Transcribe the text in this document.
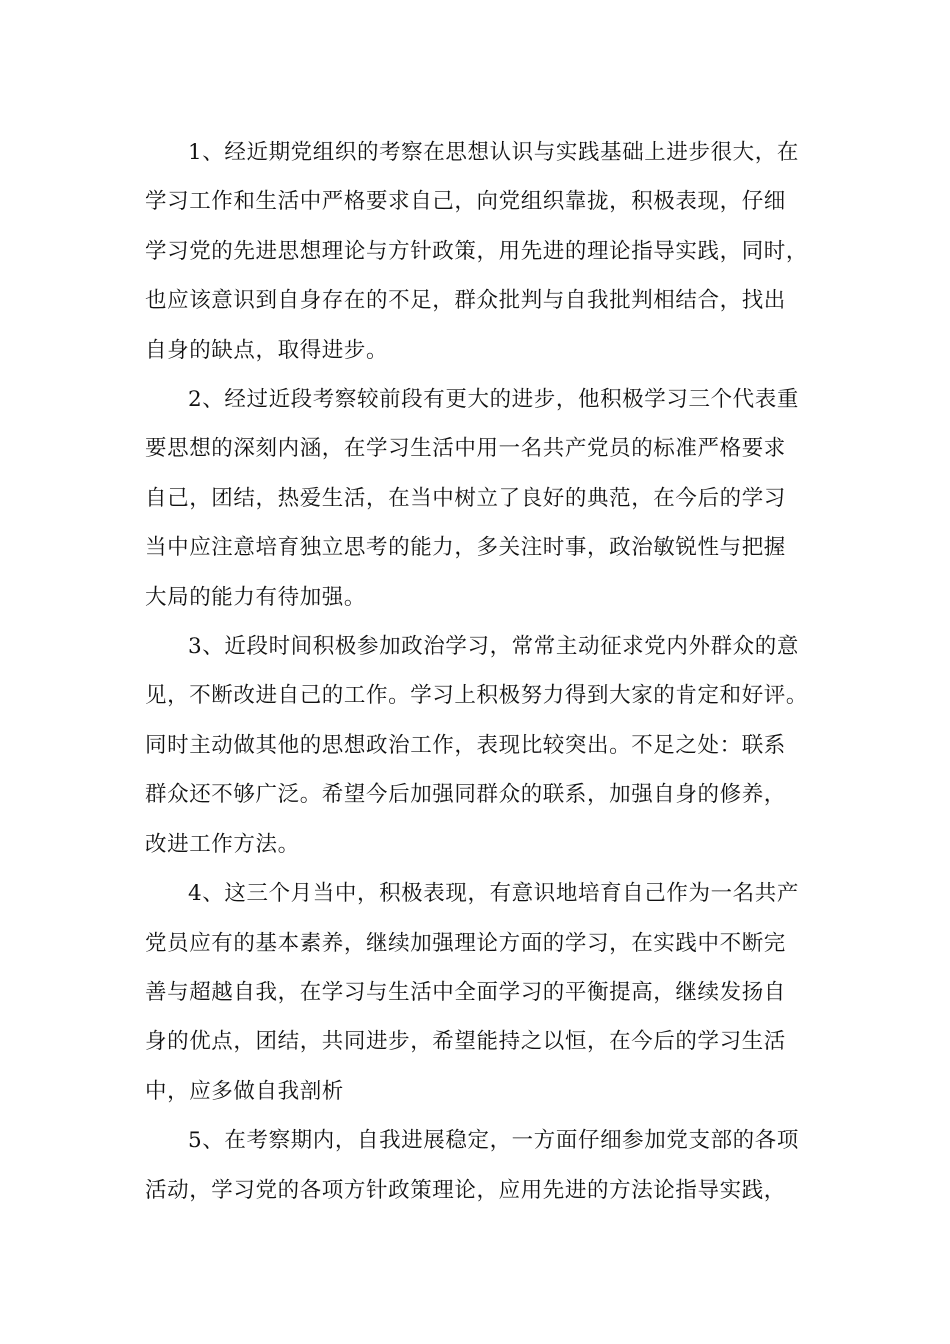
1、经近期党组织的考察在思想认识与实践基础上进步很大，在
学习工作和生活中严格要求自己，向党组织靠拢，积极表现，仔细
学习党的先进思想理论与方针政策，用先进的理论指导实践，同时，
也应该意识到自身存在的不足，群众批判与自我批判相结合，找出
自身的缺点，取得进步。

2、经过近段考察较前段有更大的进步，他积极学习三个代表重
要思想的深刻内涵，在学习生活中用一名共产党员的标准严格要求
自己，团结，热爱生活，在当中树立了良好的典范，在今后的学习
当中应注意培育独立思考的能力，多关注时事，政治敏锐性与把握
大局的能力有待加强。

3、近段时间积极参加政治学习，常常主动征求党内外群众的意
见，不断改进自己的工作。学习上积极努力得到大家的肯定和好评。
同时主动做其他的思想政治工作，表现比较突出。不足之处：联系
群众还不够广泛。希望今后加强同群众的联系，加强自身的修养，
改进工作方法。

4、这三个月当中，积极表现，有意识地培育自己作为一名共产
党员应有的基本素养，继续加强理论方面的学习，在实践中不断完
善与超越自我，在学习与生活中全面学习的平衡提高，继续发扬自
身的优点，团结，共同进步，希望能持之以恒，在今后的学习生活
中，应多做自我剖析

5、在考察期内，自我进展稳定，一方面仔细参加党支部的各项
活动，学习党的各项方针政策理论，应用先进的方法论指导实践，
